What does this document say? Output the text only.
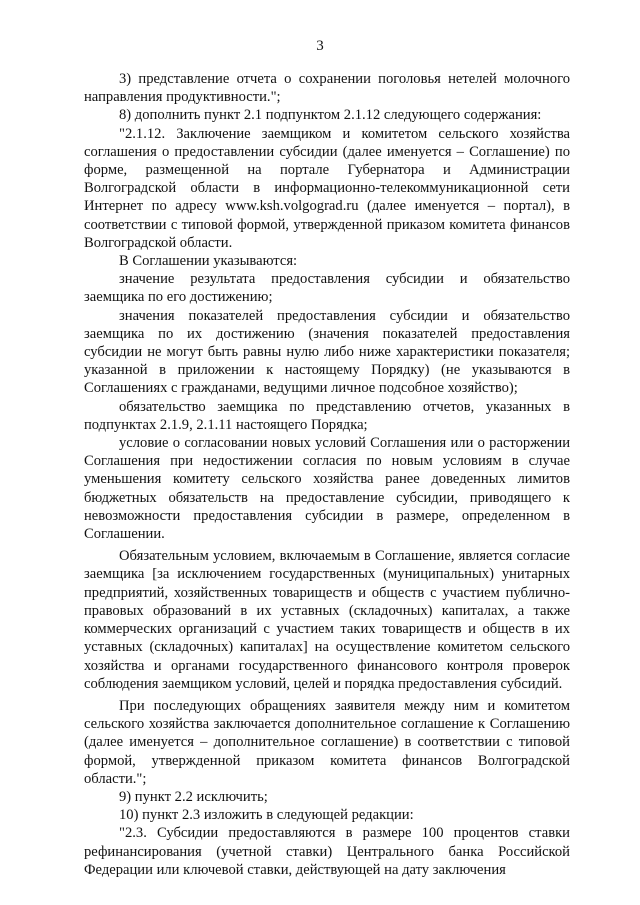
3

3) представление отчета о сохранении поголовья нетелей молочного направления продуктивности.";

8) дополнить пункт 2.1 подпунктом 2.1.12 следующего содержания:

"2.1.12. Заключение заемщиком и комитетом сельского хозяйства соглашения о предоставлении субсидии (далее именуется – Соглашение) по форме, размещенной на портале Губернатора и Администрации Волгоградской области в информационно-телекоммуникационной сети Интернет по адресу www.ksh.volgograd.ru (далее именуется – портал), в соответствии с типовой формой, утвержденной приказом комитета финансов Волгоградской области.

В Соглашении указываются:

значение результата предоставления субсидии и обязательство заемщика по его достижению;

значения показателей предоставления субсидии и обязательство заемщика по их достижению (значения показателей предоставления субсидии не могут быть равны нулю либо ниже характеристики показателя; указанной в приложении к настоящему Порядку) (не указываются в Соглашениях с гражданами, ведущими личное подсобное хозяйство);

обязательство заемщика по представлению отчетов, указанных в подпунктах 2.1.9, 2.1.11 настоящего Порядка;

условие о согласовании новых условий Соглашения или о расторжении Соглашения при недостижении согласия по новым условиям в случае уменьшения комитету сельского хозяйства ранее доведенных лимитов бюджетных обязательств на предоставление субсидии, приводящего к невозможности предоставления субсидии в размере, определенном в Соглашении.

Обязательным условием, включаемым в Соглашение, является согласие заемщика [за исключением государственных (муниципальных) унитарных предприятий, хозяйственных товариществ и обществ с участием публично-правовых образований в их уставных (складочных) капиталах, а также коммерческих организаций с участием таких товариществ и обществ в их уставных (складочных) капиталах] на осуществление комитетом сельского хозяйства и органами государственного финансового контроля проверок соблюдения заемщиком условий, целей и порядка предоставления субсидий.

При последующих обращениях заявителя между ним и комитетом сельского хозяйства заключается дополнительное соглашение к Соглашению (далее именуется – дополнительное соглашение) в соответствии с типовой формой, утвержденной приказом комитета финансов Волгоградской области.";

9) пункт 2.2 исключить;

10) пункт 2.3 изложить в следующей редакции:

"2.3. Субсидии предоставляются в размере 100 процентов ставки рефинансирования (учетной ставки) Центрального банка Российской Федерации или ключевой ставки, действующей на дату заключения
